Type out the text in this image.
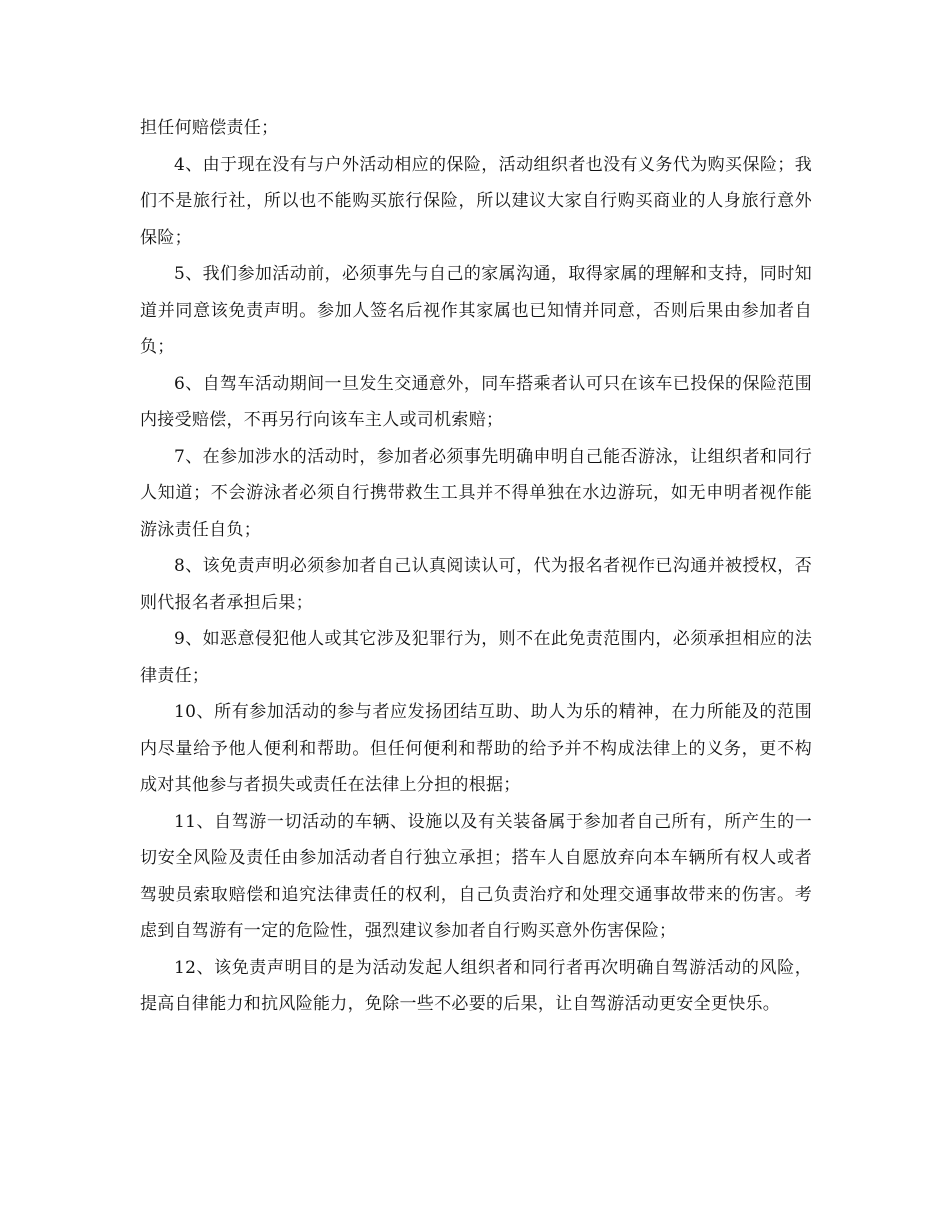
担任何赔偿责任；

4、由于现在没有与户外活动相应的保险，活动组织者也没有义务代为购买保险；我们不是旅行社，所以也不能购买旅行保险，所以建议大家自行购买商业的人身旅行意外保险；

5、我们参加活动前，必须事先与自己的家属沟通，取得家属的理解和支持，同时知道并同意该免责声明。参加人签名后视作其家属也已知情并同意，否则后果由参加者自负；

6、自驾车活动期间一旦发生交通意外，同车搭乘者认可只在该车已投保的保险范围内接受赔偿，不再另行向该车主人或司机索赔；

7、在参加涉水的活动时，参加者必须事先明确申明自己能否游泳，让组织者和同行人知道；不会游泳者必须自行携带救生工具并不得单独在水边游玩，如无申明者视作能游泳责任自负；

8、该免责声明必须参加者自己认真阅读认可，代为报名者视作已沟通并被授权，否则代报名者承担后果；

9、如恶意侵犯他人或其它涉及犯罪行为，则不在此免责范围内，必须承担相应的法律责任；

10、所有参加活动的参与者应发扬团结互助、助人为乐的精神，在力所能及的范围内尽量给予他人便利和帮助。但任何便利和帮助的给予并不构成法律上的义务，更不构成对其他参与者损失或责任在法律上分担的根据；

11、自驾游一切活动的车辆、设施以及有关装备属于参加者自己所有，所产生的一切安全风险及责任由参加活动者自行独立承担；搭车人自愿放弃向本车辆所有权人或者驾驶员索取赔偿和追究法律责任的权利，自己负责治疗和处理交通事故带来的伤害。考虑到自驾游有一定的危险性，强烈建议参加者自行购买意外伤害保险；

12、该免责声明目的是为活动发起人组织者和同行者再次明确自驾游活动的风险，提高自律能力和抗风险能力，免除一些不必要的后果，让自驾游活动更安全更快乐。
